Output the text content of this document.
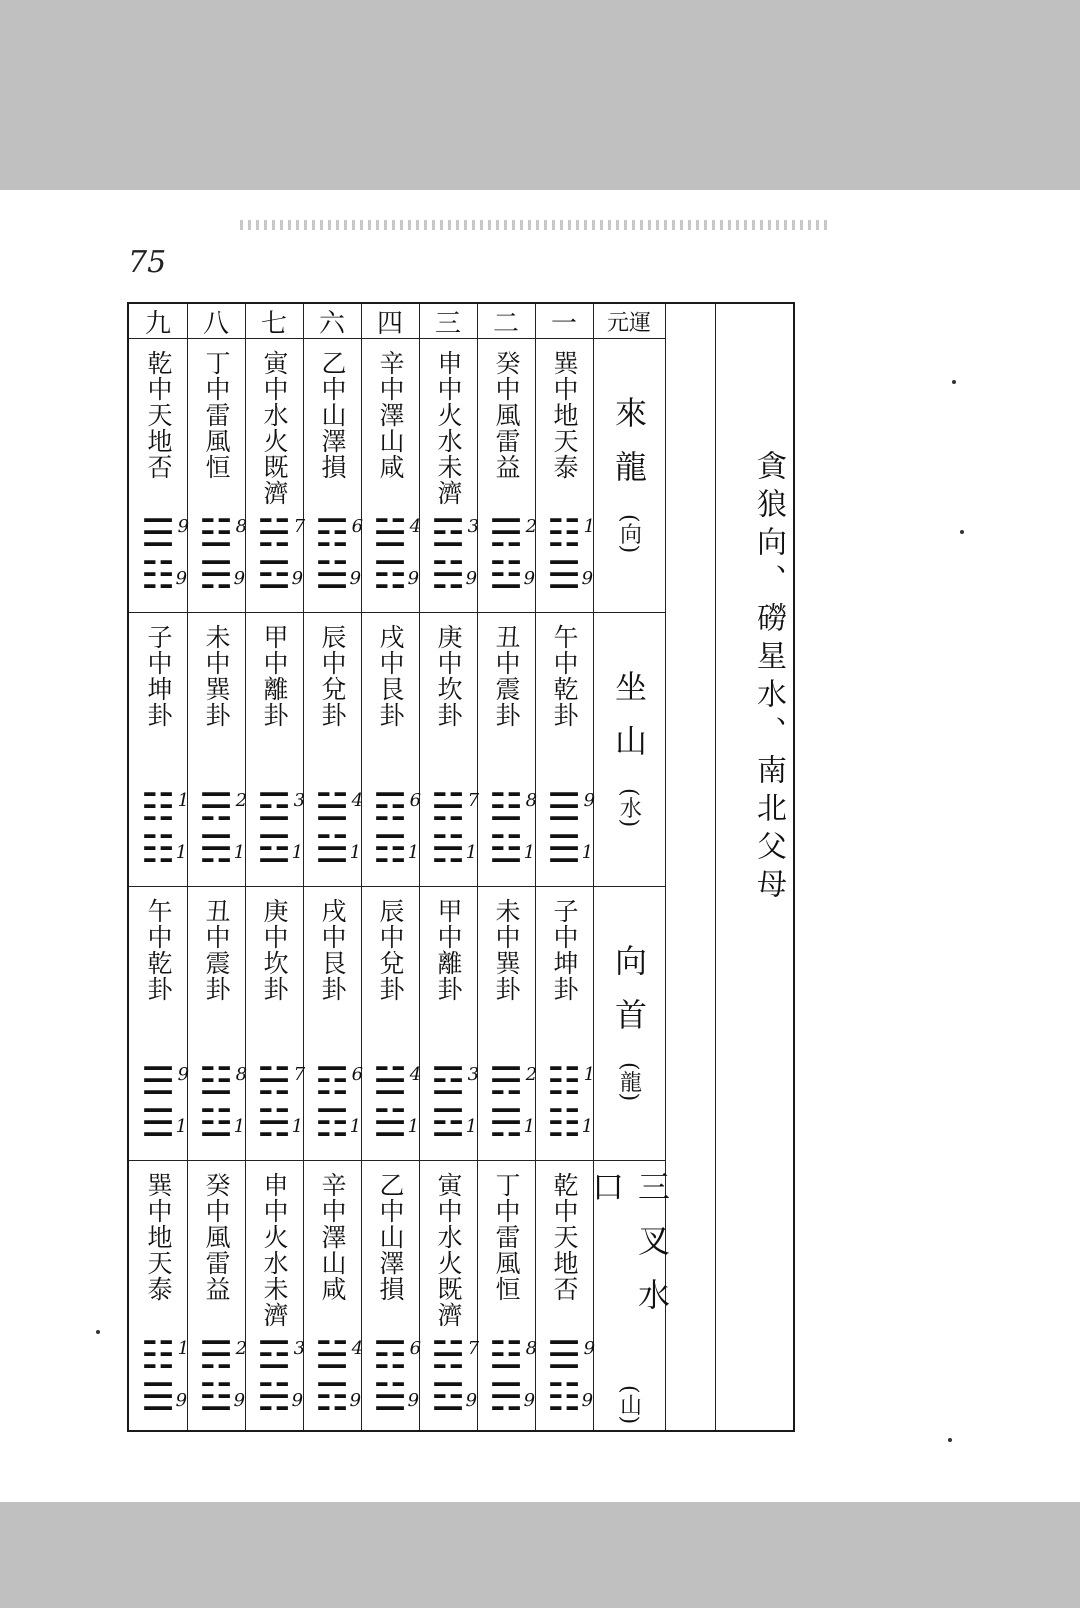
75
一
二
三
四
六
七
八
九	元運
來龍
(向)
坐山
(水)
向首
(龍)
三叉水口
(山)
巽中地天泰
☷ 1
☰ 9
癸中風雷益
☴ 2
☳ 9
申中火水未濟
☲ 3
☵ 9
辛中澤山咸
☱ 4
☶ 9
乙中山澤損
☶ 6
☱ 9
寅中水火既濟
☵ 7
☲ 9
丁中雷風恒
☳ 8
☴ 9
乾中天地否
☰ 9
☷ 9
午中乾卦
☰ 9
☰ 1
丑中震卦
☳ 8
☳ 1
庚中坎卦
☵ 7
☵ 1
戌中艮卦
☶ 6
☶ 1
辰中兌卦
☱ 4
☱ 1
甲中離卦
☲ 3
☲ 1
未中巽卦
☴ 2
☴ 1
子中坤卦
☷ 1
☷ 1
子中坤卦
☷ 1
☷ 1
未中巽卦
☴ 2
☴ 1
甲中離卦
☲ 3
☲ 1
辰中兌卦
☱ 4
☱ 1
戌中艮卦
☶ 6
☶ 1
庚中坎卦
☵ 7
☵ 1
丑中震卦
☳ 8
☳ 1
午中乾卦
☰ 9
☰ 1
乾中天地否
☰ 9
☷ 9
丁中雷風恒
☳ 8
☴ 9
寅中水火既濟
☵ 7
☲ 9
乙中山澤損
☶ 6
☱ 9
辛中澤山咸
☱ 4
☶ 9
申中火水未濟
☲ 3
☵ 9
癸中風雷益
☴ 2
☳ 9
巽中地天泰
☷ 1
☰ 9
貪狼向、磱星水、南北父母
